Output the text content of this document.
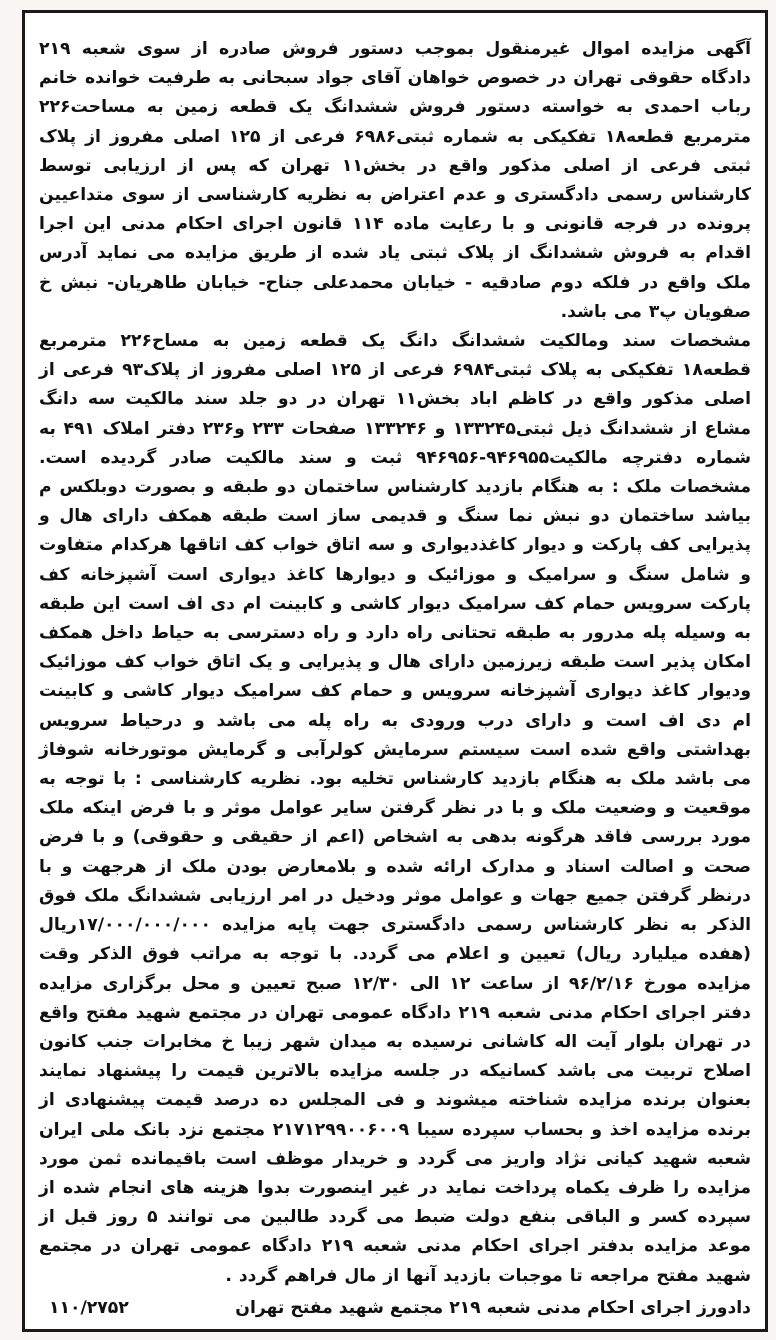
آگهی مزایده اموال غیرمنقول بموجب دستور فروش صادره از سوی شعبه ۲۱۹ دادگاه حقوقی تهران در خصوص خواهان آقای جواد سبحانی به طرفیت خوانده خانم رباب احمدی به خواسته دستور فروش ششدانگ یک قطعه زمین به مساحت۲۲۶ مترمربع قطعه۱۸ تفکیکی به شماره ثبتی۶۹۸۶ فرعی از ۱۲۵ اصلی مفروز از پلاک ثبتی فرعی از اصلی مذکور واقع در بخش۱۱ تهران که پس از ارزیابی توسط کارشناس رسمی دادگستری و عدم اعتراض به نظریه کارشناسی از سوی متداعیین پرونده در فرجه قانونی و با رعایت ماده ۱۱۴ قانون اجرای احکام مدنی این اجرا اقدام به فروش ششدانگ از پلاک ثبتی یاد شده از طریق مزایده می نماید آدرس ملک واقع در فلکه دوم صادقیه - خیابان محمدعلی جناح- خیابان طاهریان- نبش خ صفویان پ۳ می باشد.

مشخصات سند ومالکیت ششدانگ دانگ یک قطعه زمین به مساح۲۲۶ مترمربع قطعه۱۸ تفکیکی به پلاک ثبتی۶۹۸۴ فرعی از ۱۲۵ اصلی مفروز از پلاک۹۳ فرعی از اصلی مذکور واقع در کاظم اباد بخش۱۱ تهران در دو جلد سند مالکیت سه دانگ مشاع از ششدانگ ذیل ثبتی۱۳۳۲۴۵ و ۱۳۳۲۴۶ صفحات ۲۳۳ و۲۳۶ دفتر املاک ۴۹۱ به شماره دفترچه مالکیت۹۴۶۹۵۵-۹۴۶۹۵۶ ثبت و سند مالکیت صادر گردیده است. مشخصات ملک : به هنگام بازدید کارشناس ساختمان دو طبقه و بصورت دوبلکس م بیاشد ساختمان دو نبش نما سنگ و قدیمی ساز است طبقه همکف دارای هال و پذیرایی کف پارکت و دیوار کاغذدیواری و سه اتاق خواب کف اتاقها هرکدام متفاوت و شامل سنگ و سرامیک و موزائیک و دیوارها کاغذ دیواری است آشپزخانه کف پارکت سرویس حمام کف سرامیک دیوار کاشی و کابینت ام دی اف است این طبقه به وسیله پله مدرور به طبقه تحتانی راه دارد و راه دسترسی به حیاط داخل همکف امکان پذیر است طبقه زیرزمین دارای هال و پذیرایی و یک اتاق خواب کف موزائیک ودیوار کاغذ دیواری آشپزخانه سرویس و حمام کف سرامیک دیوار کاشی و کابینت ام دی اف است و دارای درب ورودی به راه پله می باشد و درحیاط سرویس بهداشتی واقع شده است سیستم سرمایش کولرآبی و گرمایش موتورخانه شوفاژ می باشد ملک به هنگام بازدید کارشناس تخلیه بود. نظریه کارشناسی : با توجه به موقعیت و وضعیت ملک و با در نظر گرفتن سایر عوامل موثر و با فرض اینکه ملک مورد بررسی فاقد هرگونه بدهی به اشخاص (اعم از حقیقی و حقوقی) و با فرض صحت و اصالت اسناد و مدارک ارائه شده و بلامعارض بودن ملک از هرجهت و با درنظر گرفتن جمیع جهات و عوامل موثر ودخیل در امر ارزیابی ششدانگ ملک فوق الذکر به نظر کارشناس رسمی دادگستری جهت پایه مزایده ۱۷/۰۰۰/۰۰۰/۰۰۰ریال (هفده میلیارد ریال) تعیین و اعلام می گردد. با توجه به مراتب فوق الذکر وقت مزایده مورخ ۹۶/۲/۱۶ از ساعت ۱۲ الی ۱۲/۳۰ صبح تعیین و محل برگزاری مزایده دفتر اجرای احکام مدنی شعبه ۲۱۹ دادگاه عمومی تهران در مجتمع شهید مفتح واقع در تهران بلوار آیت اله کاشانی نرسیده به میدان شهر زیبا خ مخابرات جنب کانون اصلاح تربیت می باشد کسانیکه در جلسه مزایده بالاترین قیمت را پیشنهاد نمایند بعنوان برنده مزایده شناخته میشوند و فی المجلس ده درصد قیمت پیشنهادی از برنده مزایده اخذ و بحساب سپرده سیبا ۲۱۷۱۲۹۹۰۰۶۰۰۹ مجتمع نزد بانک ملی ایران شعبه شهید کیانی نژاد واریز می گردد و خریدار موظف است باقیمانده ثمن مورد مزایده را ظرف یکماه پرداخت نماید در غیر اینصورت بدوا هزینه های انجام شده از سپرده کسر و الباقی بنفع دولت ضبط می گردد طالبین می توانند ۵ روز قبل از موعد مزایده بدفتر اجرای احکام مدنی شعبه ۲۱۹ دادگاه عمومی تهران در مجتمع شهید مفتح مراجعه تا موجبات بازدید آنها از مال فراهم گردد .

دادورز اجرای احکام مدنی شعبه ۲۱۹ مجتمع شهید مفتح تهران
۱۱۰/۲۷۵۲
